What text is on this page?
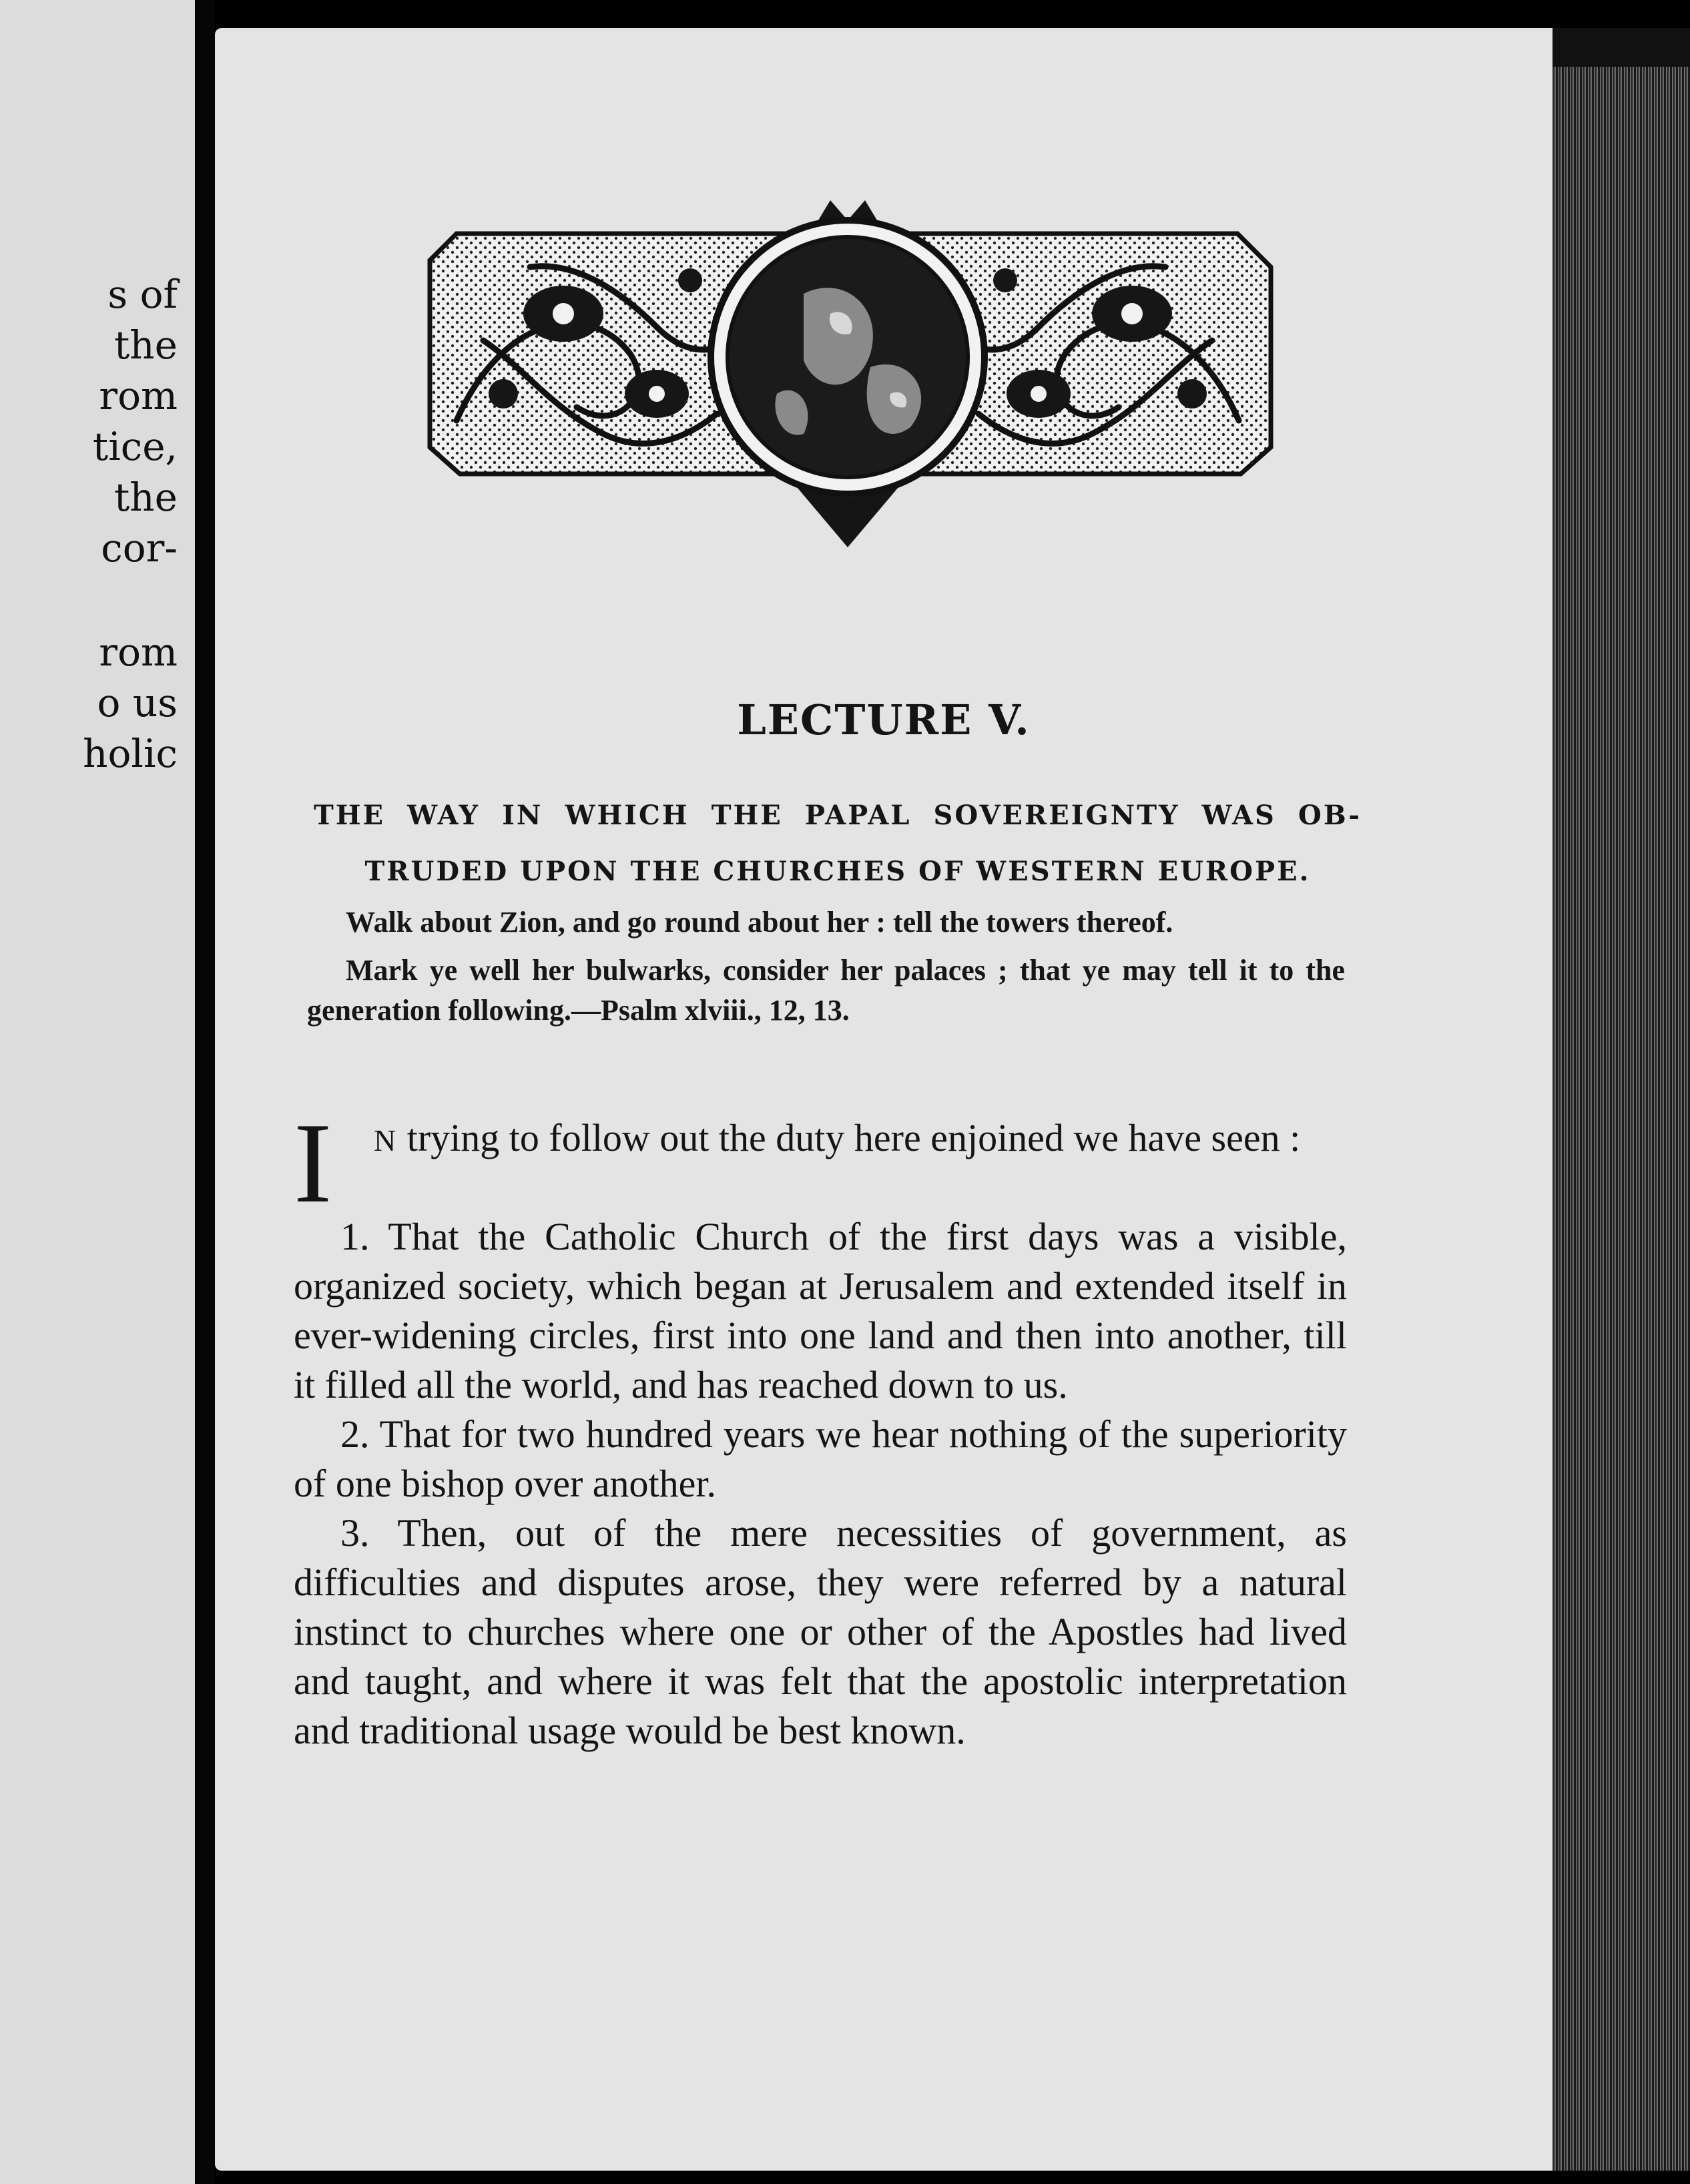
s of
the
rom
tice,
the
cor-
rom
o us
holic
LECTURE V.
THE WAY IN WHICH THE PAPAL SOVEREIGNTY WAS OB-
TRUDED UPON THE CHURCHES OF WESTERN EUROPE.

Walk about Zion, and go round about her : tell the towers thereof.

Mark ye well her bulwarks, consider her palaces ; that ye may tell it to the generation following.—Psalm xlviii., 12, 13.

I N trying to follow out the duty here enjoined we have seen :

1. That the Catholic Church of the first days was a visible, organized society, which began at Jerusalem and extended itself in ever-widening circles, first into one land and then into another, till it filled all the world, and has reached down to us.

2. That for two hundred years we hear nothing of the superiority of one bishop over another.

3. Then, out of the mere necessities of government, as difficulties and disputes arose, they were referred by a natural instinct to churches where one or other of the Apostles had lived and taught, and where it was felt that the apostolic interpretation and traditional usage would be best known.
